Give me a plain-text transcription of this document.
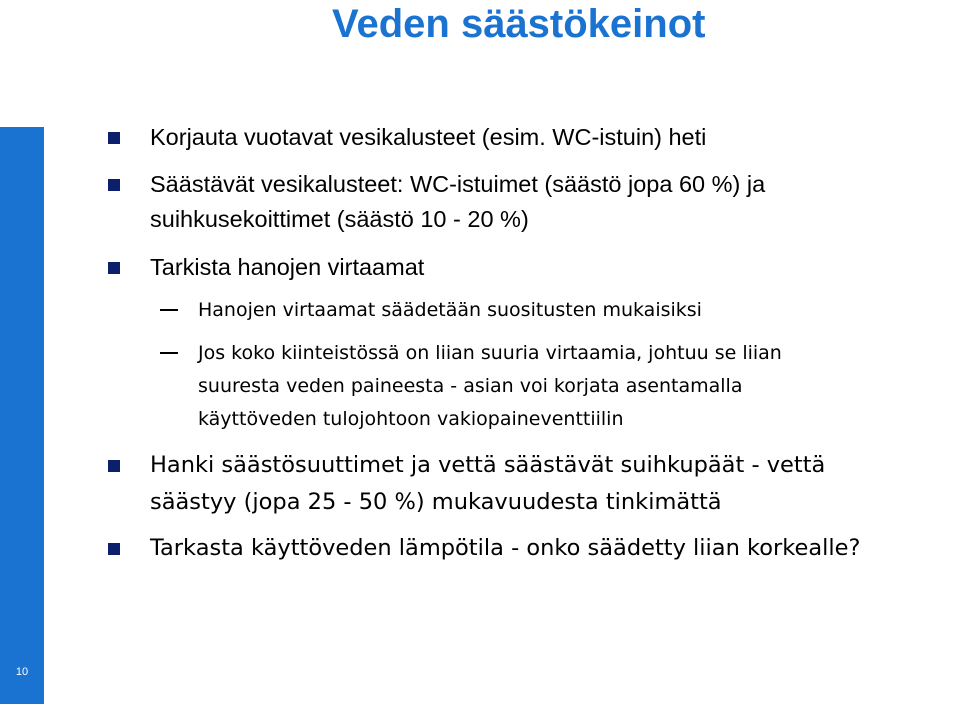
10
Veden säästökeinot
Korjauta vuotavat vesikalusteet (esim. WC-istuin) heti
Säästävät vesikalusteet: WC-istuimet (säästö jopa 60 %) ja
suihkusekoittimet (säästö 10 - 20 %)
Tarkista hanojen virtaamat
Hanojen virtaamat säädetään suositusten mukaisiksi
Jos koko kiinteistössä on liian suuria virtaamia, johtuu se liian
suuresta veden paineesta - asian voi korjata asentamalla
käyttöveden tulojohtoon vakiopaineventtiilin
Hanki säästösuuttimet ja vettä säästävät suihkupäät - vettä
säästyy (jopa 25 - 50 %) mukavuudesta tinkimättä
Tarkasta käyttöveden lämpötila - onko säädetty liian korkealle?
